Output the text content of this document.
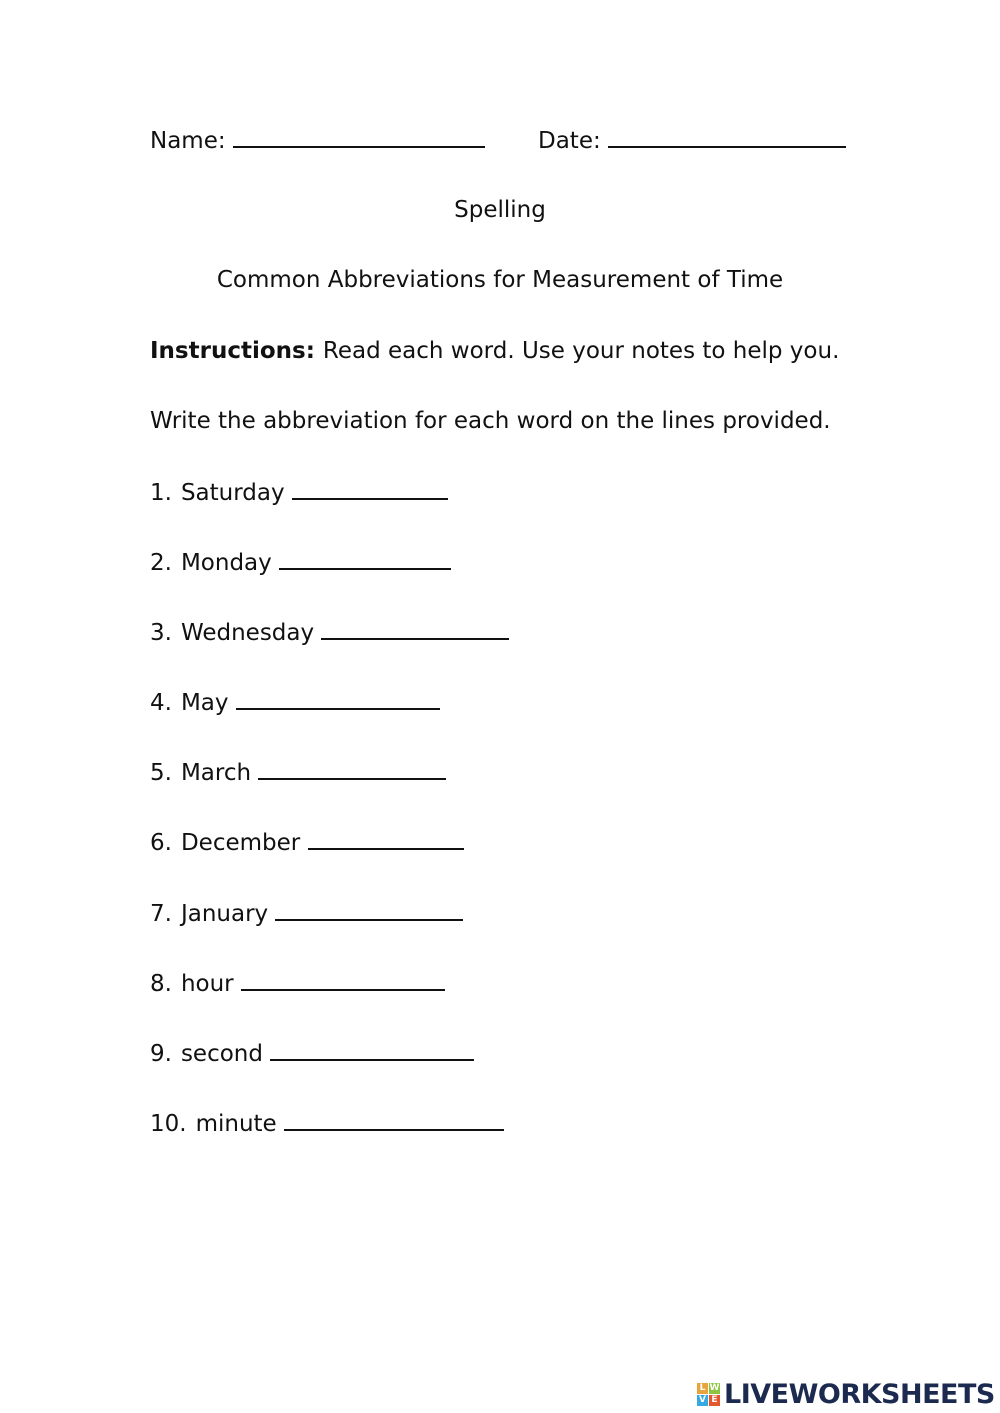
Name:	Date:
Spelling
Common Abbreviations for Measurement of Time
Instructions: Read each word. Use your notes to help you.
Write the abbreviation for each word on the lines provided.
1. Saturday
2. Monday
3. Wednesday
4. May
5. March
6. December
7. January
8. hour
9. second
10. minute
L W
V E LIVEWORKSHEETS
